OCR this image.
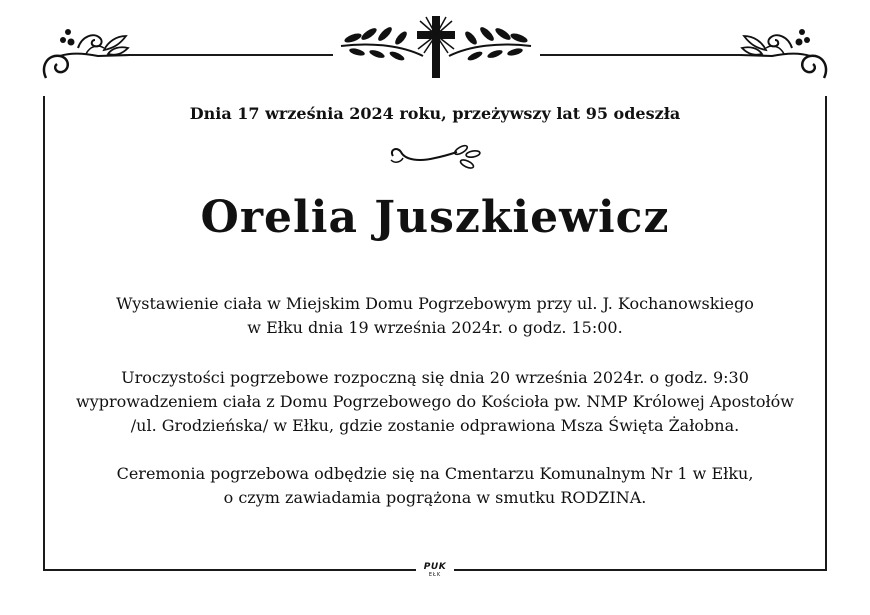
Dnia 17 września 2024 roku, przeżywszy lat 95 odeszła
Orelia Juszkiewicz
Wystawienie ciała w Miejskim Domu Pogrzebowym przy ul. J. Kochanowskiego
w Ełku dnia 19 września 2024r. o godz. 15:00.
Uroczystości pogrzebowe rozpoczną się dnia 20 września 2024r. o godz. 9:30
wyprowadzeniem ciała z Domu Pogrzebowego do Kościoła pw. NMP Królowej Apostołów
/ul. Grodzieńska/ w Ełku, gdzie zostanie odprawiona Msza Święta Żałobna.
Ceremonia pogrzebowa odbędzie się na Cmentarzu Komunalnym Nr 1 w Ełku,
o czym zawiadamia pogrążona w smutku RODZINA.
PUK
EŁK
